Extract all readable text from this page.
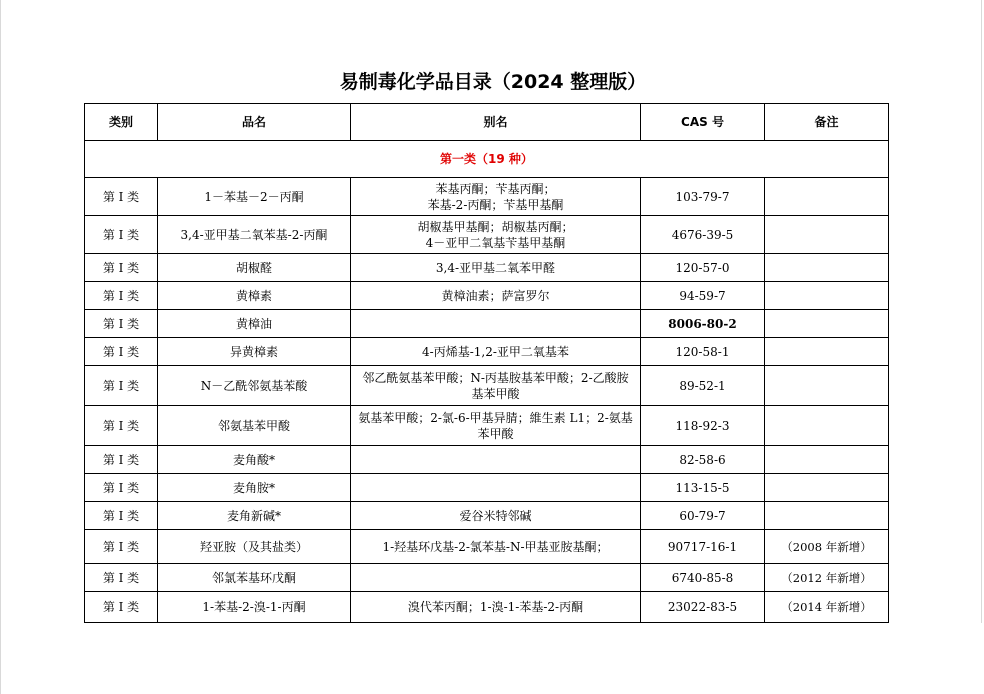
易制毒化学品目录（2024 整理版）
类别	品名	别名	CAS 号	备注
第一类（19 种）				
第 I 类	1－苯基－2－丙酮	苯基丙酮；苄基丙酮；
苯基-2-丙酮；苄基甲基酮	103-79-7	
第 I 类	3,4-亚甲基二氧苯基-2-丙酮	胡椒基甲基酮；胡椒基丙酮；
4－亚甲二氧基苄基甲基酮	4676-39-5	
第 I 类	胡椒醛	3,4-亚甲基二氧苯甲醛	120-57-0	
第 I 类	黄樟素	黄樟油素；萨富罗尔	94-59-7	
第 I 类	黄樟油		8006-80-2	
第 I 类	异黄樟素	4-丙烯基-1,2-亚甲二氧基苯	120-58-1	
第 I 类	N－乙酰邻氨基苯酸	邻乙酰氨基苯甲酸；N-丙基胺基苯甲酸；2-乙酸胺
基苯甲酸	89-52-1	
第 I 类	邻氨基苯甲酸	氨基苯甲酸；2-氯-6-甲基异腈；維生素 L1；2-氨基
苯甲酸	118-92-3	
第 I 类	麦角酸*		82-58-6	
第 I 类	麦角胺*		113-15-5	
第 I 类	麦角新碱*	爱谷米特邻碱	60-79-7	
第 I 类	羟亚胺（及其盐类）	1-羟基环戊基-2-氯苯基-N-甲基亚胺基酮；	90717-16-1	（2008 年新增）
第 I 类	邻氯苯基环戊酮		6740-85-8	（2012 年新增）
第 I 类	1-苯基-2-溴-1-丙酮	溴代苯丙酮；1-溴-1-苯基-2-丙酮	23022-83-5	（2014 年新增）
